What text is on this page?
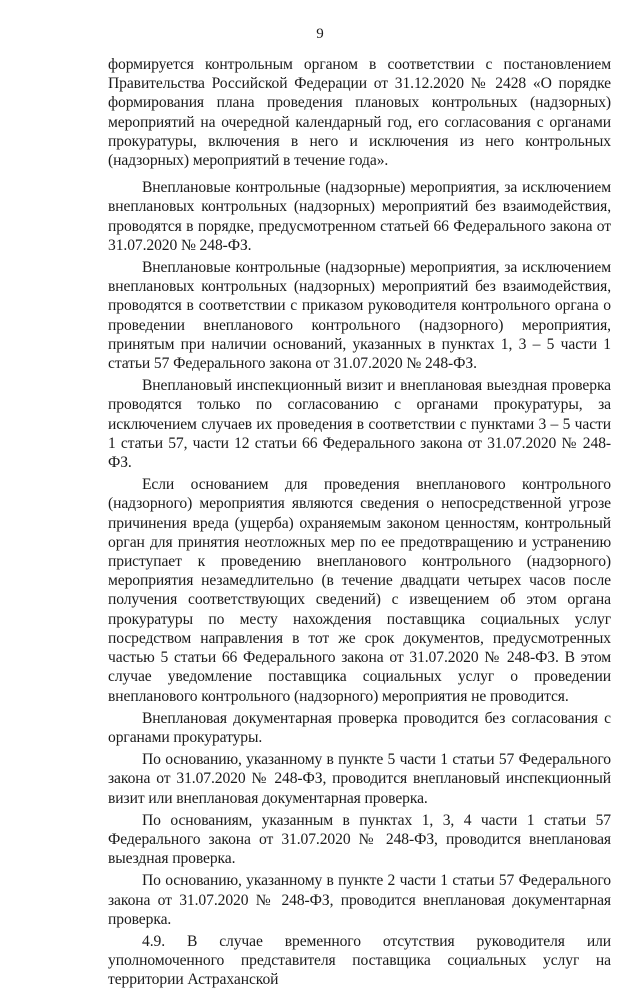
9

формируется контрольным органом в соответствии с постановлением Правительства Российской Федерации от 31.12.2020 № 2428 «О порядке формирования плана проведения плановых контрольных (надзорных) мероприятий на очередной календарный год, его согласования с органами прокуратуры, включения в него и исключения из него контрольных (надзорных) мероприятий в течение года».

Внеплановые контрольные (надзорные) мероприятия, за исключением внеплановых контрольных (надзорных) мероприятий без взаимодействия, проводятся в порядке, предусмотренном статьей 66 Федерального закона от 31.07.2020 № 248-ФЗ.

Внеплановые контрольные (надзорные) мероприятия, за исключением внеплановых контрольных (надзорных) мероприятий без взаимодействия, проводятся в соответствии с приказом руководителя контрольного органа о проведении внепланового контрольного (надзорного) мероприятия, принятым при наличии оснований, указанных в пунктах 1, 3 – 5 части 1 статьи 57 Федерального закона от 31.07.2020 № 248-ФЗ.

Внеплановый инспекционный визит и внеплановая выездная проверка проводятся только по согласованию с органами прокуратуры, за исключением случаев их проведения в соответствии с пунктами 3 – 5 части 1 статьи 57, части 12 статьи 66 Федерального закона от 31.07.2020 № 248-ФЗ.

Если основанием для проведения внепланового контрольного (надзорного) мероприятия являются сведения о непосредственной угрозе причинения вреда (ущерба) охраняемым законом ценностям, контрольный орган для принятия неотложных мер по ее предотвращению и устранению приступает к проведению внепланового контрольного (надзорного) мероприятия незамедлительно (в течение двадцати четырех часов после получения соответствующих сведений) с извещением об этом органа прокуратуры по месту нахождения поставщика социальных услуг посредством направления в тот же срок документов, предусмотренных частью 5 статьи 66 Федерального закона от 31.07.2020 № 248-ФЗ. В этом случае уведомление поставщика социальных услуг о проведении внепланового контрольного (надзорного) мероприятия не проводится.

Внеплановая документарная проверка проводится без согласования с органами прокуратуры.

По основанию, указанному в пункте 5 части 1 статьи 57 Федерального закона от 31.07.2020 № 248-ФЗ, проводится внеплановый инспекционный визит или внеплановая документарная проверка.

По основаниям, указанным в пунктах 1, 3, 4 части 1 статьи 57 Федерального закона от 31.07.2020 № 248-ФЗ, проводится внеплановая выездная проверка.

По основанию, указанному в пункте 2 части 1 статьи 57 Федерального закона от 31.07.2020 № 248-ФЗ, проводится внеплановая документарная проверка.

4.9. В случае временного отсутствия руководителя или уполномоченного представителя поставщика социальных услуг на территории Астраханской
